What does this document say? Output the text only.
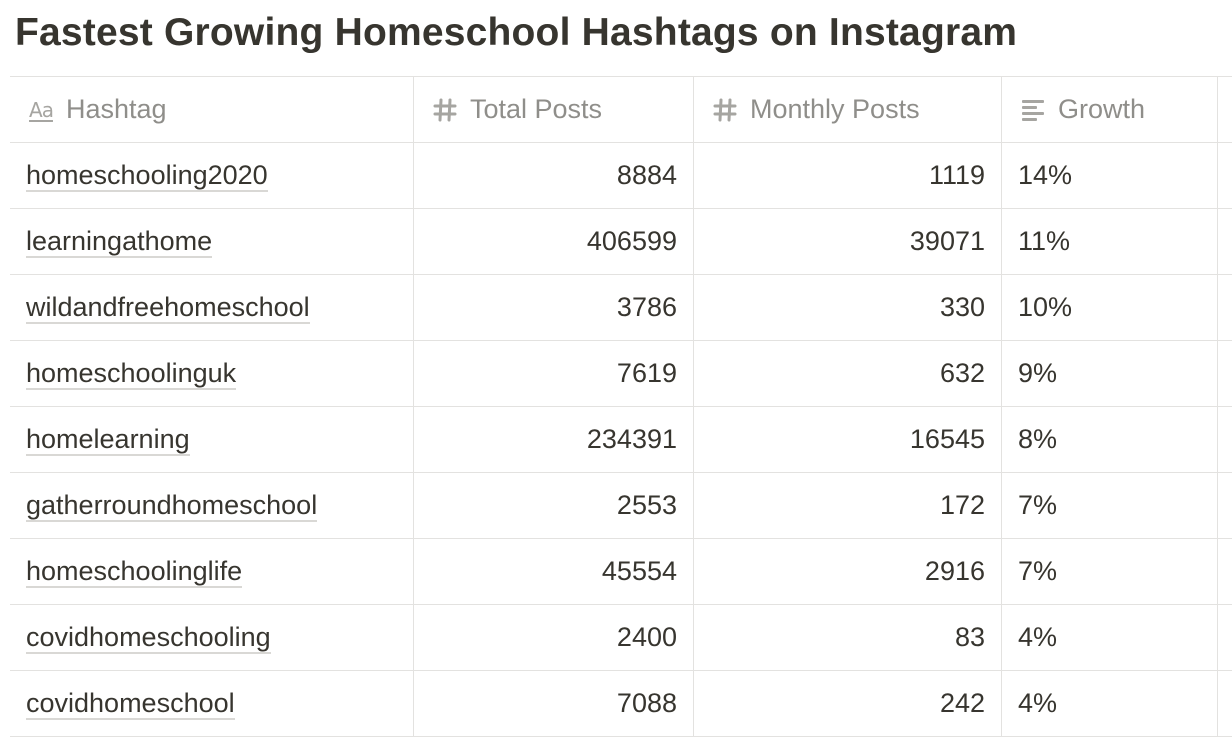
Fastest Growing Homeschool Hashtags on Instagram
Aa Hashtag	Total Posts	Monthly Posts	Growth
homeschooling2020	8884	1119 14%
learningathome	406599	39071 11%
wildandfreehomeschool	3786	330 10%
homeschoolinguk	7619	632 9%
homelearning	234391	16545 8%
gatherroundhomeschool	2553	172 7%
homeschoolinglife	45554	2916 7%
covidhomeschooling	2400	83 4%
covidhomeschool	7088	242 4%
